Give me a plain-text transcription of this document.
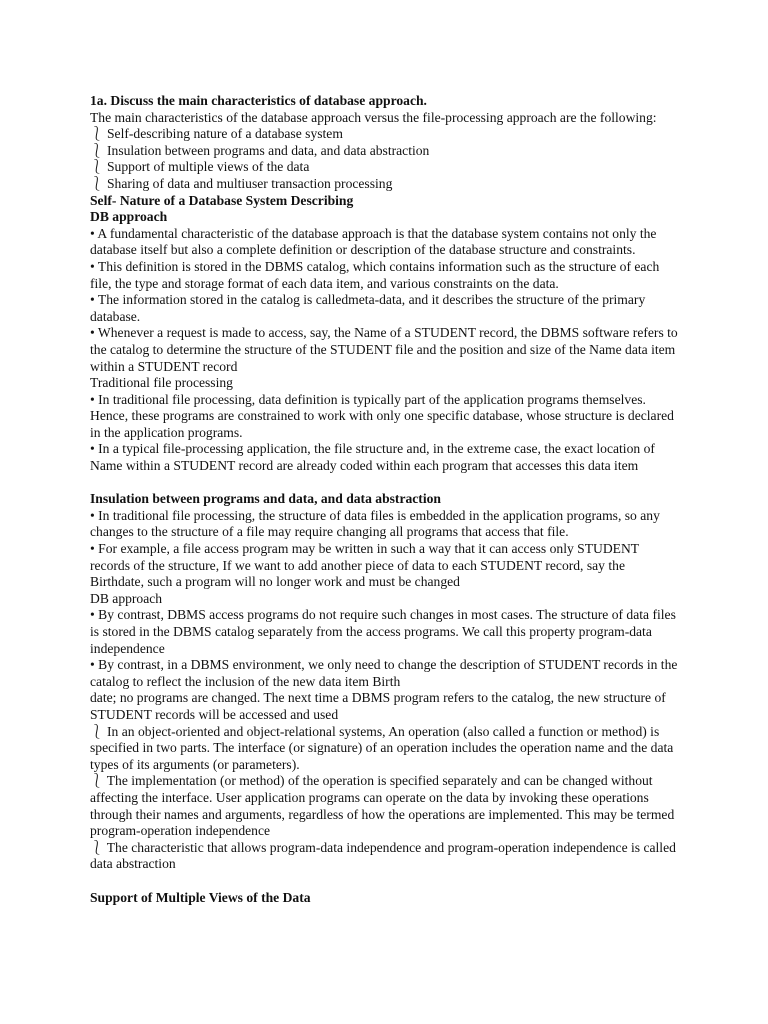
1a. Discuss the main characteristics of database approach.

The main characteristics of the database approach versus the file-processing approach are the following:

⎱ Self-describing nature of a database system

⎱ Insulation between programs and data, and data abstraction

⎱ Support of multiple views of the data

⎱ Sharing of data and multiuser transaction processing

Self- Nature of a Database System Describing

DB approach

• A fundamental characteristic of the database approach is that the database system contains not only the database itself but also a complete definition or description of the database structure and constraints.

• This definition is stored in the DBMS catalog, which contains information such as the structure of each file, the type and storage format of each data item, and various constraints on the data.

• The information stored in the catalog is calledmeta-data, and it describes the structure of the primary database.

• Whenever a request is made to access, say, the Name of a STUDENT record, the DBMS software refers to the catalog to determine the structure of the STUDENT file and the position and size of the Name data item within a STUDENT record

Traditional file processing

• In traditional file processing, data definition is typically part of the application programs themselves. Hence, these programs are constrained to work with only one specific database, whose structure is declared in the application programs.

• In a typical file-processing application, the file structure and, in the extreme case, the exact location of Name within a STUDENT record are already coded within each program that accesses this data item

Insulation between programs and data, and data abstraction

• In traditional file processing, the structure of data files is embedded in the application programs, so any changes to the structure of a file may require changing all programs that access that file.

• For example, a file access program may be written in such a way that it can access only STUDENT records of the structure, If we want to add another piece of data to each STUDENT record, say the Birthdate, such a program will no longer work and must be changed

DB approach

• By contrast, DBMS access programs do not require such changes in most cases. The structure of data files is stored in the DBMS catalog separately from the access programs. We call this property program-data independence

• By contrast, in a DBMS environment, we only need to change the description of STUDENT records in the catalog to reflect the inclusion of the new data item Birth

date; no programs are changed. The next time a DBMS program refers to the catalog, the new structure of STUDENT records will be accessed and used

⎱ In an object-oriented and object-relational systems, An operation (also called a function or method) is specified in two parts. The interface (or signature) of an operation includes the operation name and the data types of its arguments (or parameters).

⎱ The implementation (or method) of the operation is specified separately and can be changed without affecting the interface. User application programs can operate on the data by invoking these operations through their names and arguments, regardless of how the operations are implemented. This may be termed program-operation independence

⎱ The characteristic that allows program-data independence and program-operation independence is called data abstraction

Support of Multiple Views of the Data
